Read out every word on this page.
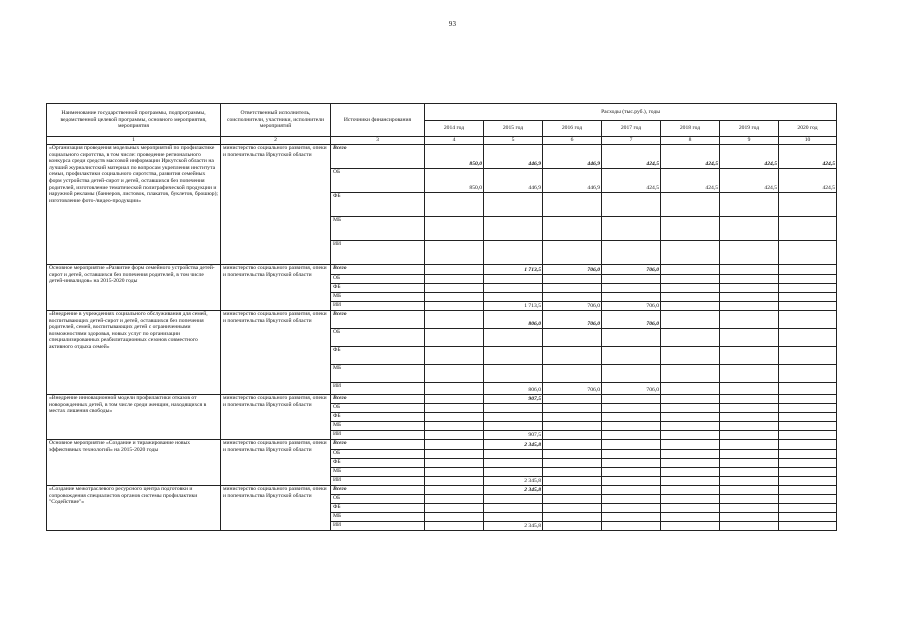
93
Наименование государственной программы, подпрограммы, ведомственной целевой программы, основного мероприятия, мероприятия	Ответственный исполнитель, соисполнители, участники, исполнители мероприятий	Источники финансирования	Расходы (тыс.руб.), годы						
			2014 год	2015 год	2016 год	2017 год	2018 год	2019 год	2020 год
1	2	3	4	5	6	7	8	9	10
«Организация проведения модельных мероприятий по профилактике социального сиротства, в том числе: проведение регионального конкурса среди средств массовой информации Иркутской области на лучший журналистский материал по вопросам укрепления института семьи, профилактики социального сиротства, развития семейных форм устройства детей-сирот и детей, оставшихся без попечения родителей, изготовление тематической полиграфической продукции и наружной рекламы (баннеров, листовок, плакатов, буклетов, брошюр); изготовление фото-/видео-продукции»	министерство социального развития, опеки и попечительства Иркутской области	Всего	850,0	446,9	446,9	424,5	424,5	424,5	424,5
		ОБ	850,0	446,9	446,9	424,5	424,5	424,5	424,5
		ФБ							
		МБ							
		ИИ							
Основное мероприятие «Развитие форм семейного устройства детей-сирот и детей, оставшихся без попечения родителей, в том числе детей-инвалидов» на 2015-2020 годы	министерство социального развития, опеки и попечительства Иркутской области	Всего		1 713,5	706,0	706,0			
		ОБ							
		ФБ							
		МБ							
		ИИ		1 713,5	706,0	706,0			
«Внедрение в учреждениях социального обслуживания для семей, воспитывающих детей-сирот и детей, оставшихся без попечения родителей, семей, воспитывающих детей с ограниченными возможностями здоровья, новых услуг по организации специализированных реабилитационных сезонов совместного активного отдыха семей»	министерство социального развития, опеки и попечительства Иркутской области	Всего		806,0	706,0	706,0			
		ОБ							
		ФБ							
		МБ							
		ИИ		806,0	706,0	706,0			
«Внедрение инновационной модели профилактики отказов от новорожденных детей, в том числе среди женщин, находящихся в местах лишения свободы»	министерство социального развития, опеки и попечительства Иркутской области	Всего		907,5					
		ОБ							
		ФБ							
		МБ							
		ИИ		907,5					
Основное мероприятие «Создание и тиражирование новых эффективных технологий» на 2015-2020 годы	министерство социального развития, опеки и попечительства Иркутской области	Всего		2 345,8					
		ОБ							
		ФБ							
		МБ							
		ИИ		2 345,8					
«Создание межотраслевого ресурсного центра подготовки и сопровождения специалистов органов системы профилактики "Содействие"»	министерство социального развития, опеки и попечительства Иркутской области	Всего		2 345,8					
		ОБ							
		ФБ							
		МБ							
		ИИ		2 345,8					
